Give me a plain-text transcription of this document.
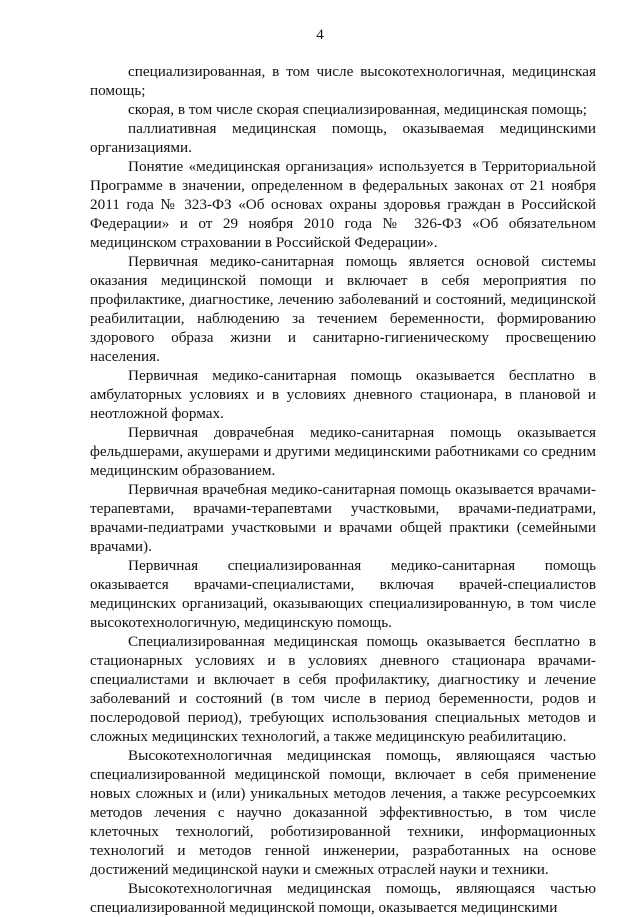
4

специализированная, в том числе высокотехнологичная, медицинская помощь;

скорая, в том числе скорая специализированная, медицинская помощь;

паллиативная медицинская помощь, оказываемая медицинскими организациями.

Понятие «медицинская организация» используется в Территориальной Программе в значении, определенном в федеральных законах от 21 ноября 2011 года № 323-ФЗ «Об основах охраны здоровья граждан в Российской Федерации» и от 29 ноября 2010 года № 326-ФЗ «Об обязательном медицинском страховании в Российской Федерации».

Первичная медико-санитарная помощь является основой системы оказания медицинской помощи и включает в себя мероприятия по профилактике, диагностике, лечению заболеваний и состояний, медицинской реабилитации, наблюдению за течением беременности, формированию здорового образа жизни и санитарно-гигиеническому просвещению населения.

Первичная медико-санитарная помощь оказывается бесплатно в амбулаторных условиях и в условиях дневного стационара, в плановой и неотложной формах.

Первичная доврачебная медико-санитарная помощь оказывается фельдшерами, акушерами и другими медицинскими работниками со средним медицинским образованием.

Первичная врачебная медико-санитарная помощь оказывается врачами-терапевтами, врачами-терапевтами участковыми, врачами-педиатрами, врачами-педиатрами участковыми и врачами общей практики (семейными врачами).

Первичная специализированная медико-санитарная помощь оказывается врачами-специалистами, включая врачей-специалистов медицинских организаций, оказывающих специализированную, в том числе высокотехнологичную, медицинскую помощь.

Специализированная медицинская помощь оказывается бесплатно в стационарных условиях и в условиях дневного стационара врачами-специалистами и включает в себя профилактику, диагностику и лечение заболеваний и состояний (в том числе в период беременности, родов и послеродовой период), требующих использования специальных методов и сложных медицинских технологий, а также медицинскую реабилитацию.

Высокотехнологичная медицинская помощь, являющаяся частью специализированной медицинской помощи, включает в себя применение новых сложных и (или) уникальных методов лечения, а также ресурсоемких методов лечения с научно доказанной эффективностью, в том числе клеточных технологий, роботизированной техники, информационных технологий и методов генной инженерии, разработанных на основе достижений медицинской науки и смежных отраслей науки и техники.

Высокотехнологичная медицинская помощь, являющаяся частью специализированной медицинской помощи, оказывается медицинскими
